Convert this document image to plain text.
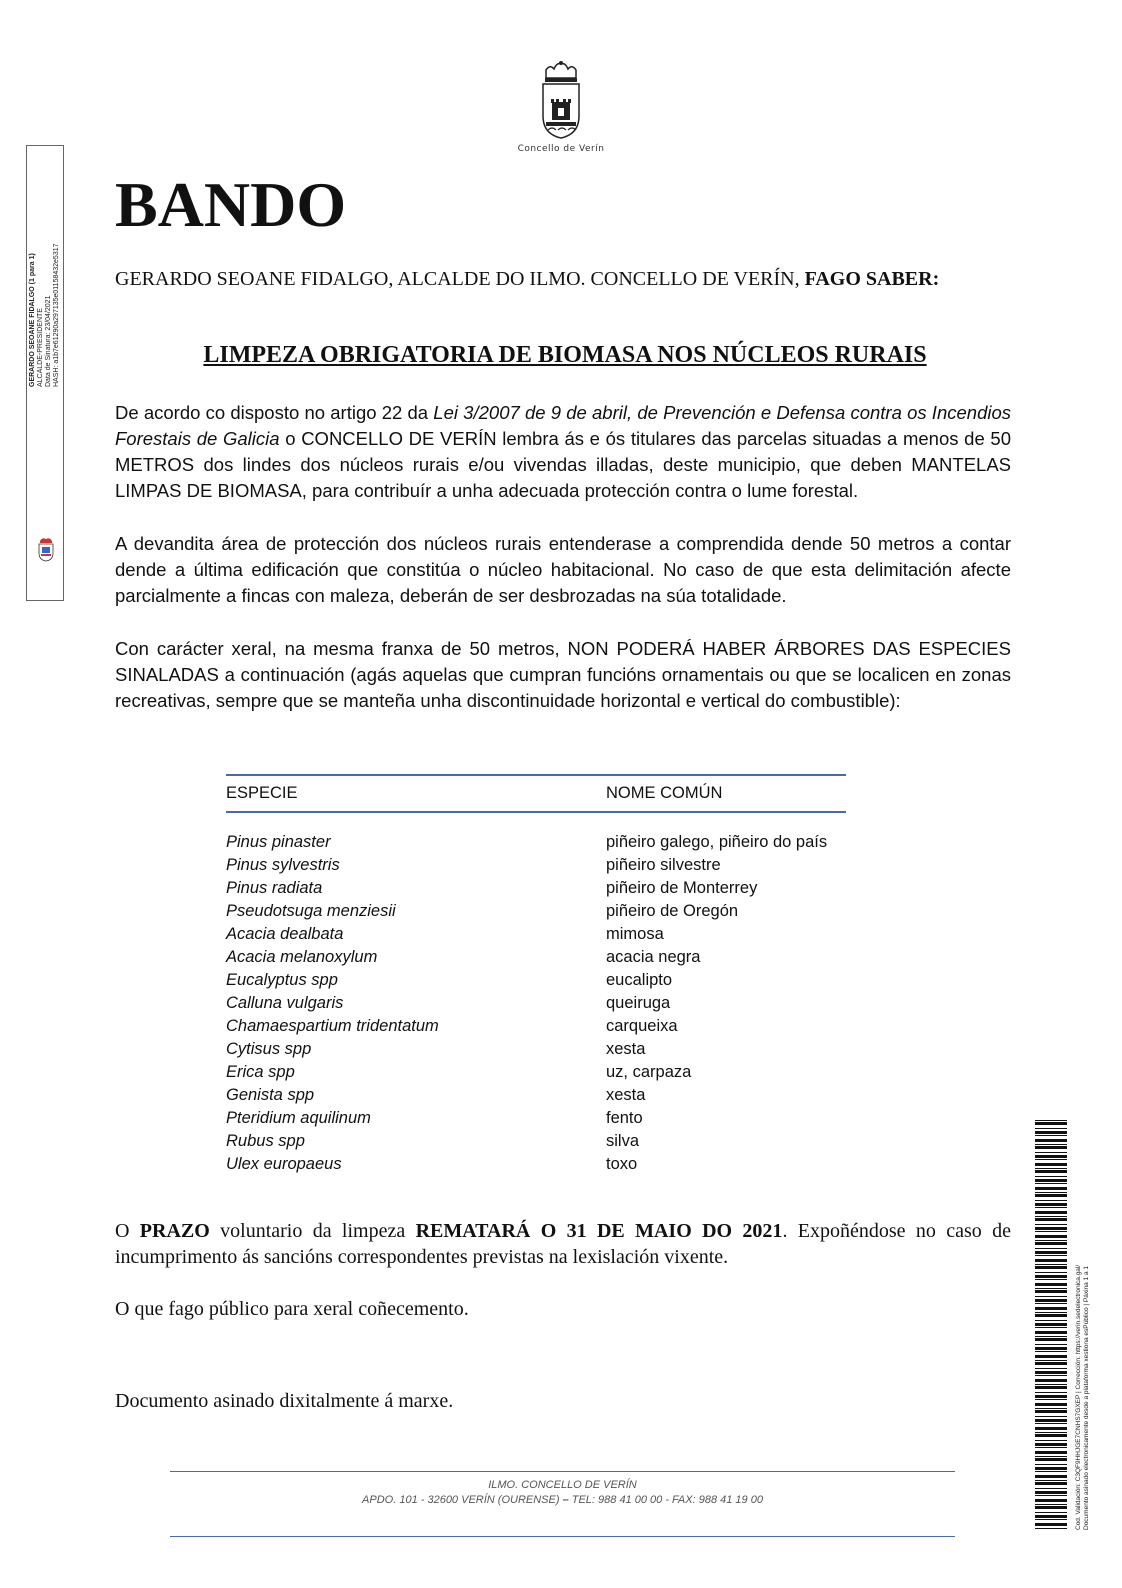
Concello de Verín
BANDO
GERARDO SEOANE FIDALGO, ALCALDE DO ILMO. CONCELLO DE VERÍN, FAGO SABER:
LIMPEZA OBRIGATORIA DE BIOMASA NOS NÚCLEOS RURAIS

De acordo co disposto no artigo 22 da Lei 3/2007 de 9 de abril, de Prevención e Defensa contra os Incendios Forestais de Galicia o CONCELLO DE VERÍN lembra ás e ós titulares das parcelas situadas a menos de 50 METROS dos lindes dos núcleos rurais e/ou vivendas illadas, deste municipio, que deben MANTELAS LIMPAS DE BIOMASA, para contribuír a unha adecuada protección contra o lume forestal.

A devandita área de protección dos núcleos rurais entenderase a comprendida dende 50 metros a contar dende a última edificación que constitúa o núcleo habitacional. No caso de que esta delimitación afecte parcialmente a fincas con maleza, deberán de ser desbrozadas na súa totalidade.

Con carácter xeral, na mesma franxa de 50 metros, NON PODERÁ HABER ÁRBORES DAS ESPECIES SINALADAS a continuación (agás aquelas que cumpran funcións ornamentais ou que se localicen en zonas recreativas, sempre que se manteña unha discontinuidade horizontal e vertical do combustible):

ESPECIE	NOME COMÚN

Pinus pinaster	piñeiro galego, piñeiro do país
Pinus sylvestris	piñeiro silvestre
Pinus radiata	piñeiro de Monterrey
Pseudotsuga menziesii	piñeiro de Oregón
Acacia dealbata	mimosa
Acacia melanoxylum	acacia negra
Eucalyptus spp	eucalipto
Calluna vulgaris	queiruga
Chamaespartium tridentatum	carqueixa
Cytisus spp	xesta
Erica spp	uz, carpaza
Genista spp	xesta
Pteridium aquilinum	fento
Rubus spp	silva
Ulex europaeus	toxo

O PRAZO voluntario da limpeza REMATARÁ O 31 DE MAIO DO 2021. Expoñéndose no caso de incumprimento ás sancións correspondentes previstas na lexislación vixente.

O que fago público para xeral coñecemento.

Documento asinado dixitalmente á marxe.

ILMO. CONCELLO DE VERÍN
APDO. 101 - 32600 VERÍN (OURENSE) – TEL: 988 41 00 00 - FAX: 988 41 19 00
GERARDO SEOANE FIDALGO (1 para 1)
ALCALDE-PRESIDENTE
Data de Sinatura: 23/04/2021
HASH: a1b7e61290a297135e01158432e5317
Cod. Validación: C3QF9HHJGE7CNHS7GXEP | Corrección: https://verin.sedelectronica.gal/
Documento asinado electronicamente desde a plataforma xestiona esPúblico | Páxina 1 a 1
